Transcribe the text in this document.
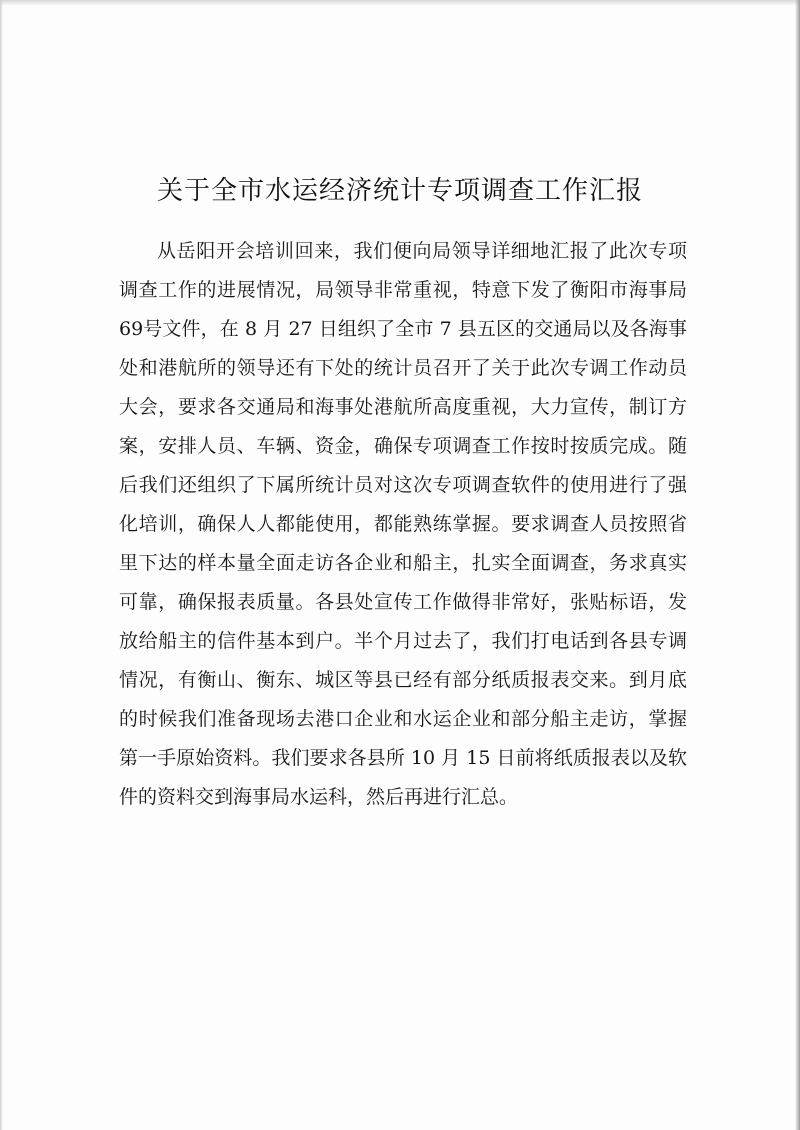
关于全市水运经济统计专项调查工作汇报

从岳阳开会培训回来，我们便向局领导详细地汇报了此次专项调查工作的进展情况，局领导非常重视，特意下发了衡阳市海事局 69号文件，在 8 月 27 日组织了全市 7 县五区的交通局以及各海事处和港航所的领导还有下处的统计员召开了关于此次专调工作动员大会，要求各交通局和海事处港航所高度重视，大力宣传，制订方案，安排人员、车辆、资金，确保专项调查工作按时按质完成。随后我们还组织了下属所统计员对这次专项调查软件的使用进行了强化培训，确保人人都能使用，都能熟练掌握。要求调查人员按照省里下达的样本量全面走访各企业和船主，扎实全面调查，务求真实可靠，确保报表质量。各县处宣传工作做得非常好，张贴标语，发放给船主的信件基本到户。半个月过去了，我们打电话到各县专调情况，有衡山、衡东、城区等县已经有部分纸质报表交来。到月底的时候我们准备现场去港口企业和水运企业和部分船主走访，掌握第一手原始资料。我们要求各县所 10 月 15 日前将纸质报表以及软件的资料交到海事局水运科，然后再进行汇总。
